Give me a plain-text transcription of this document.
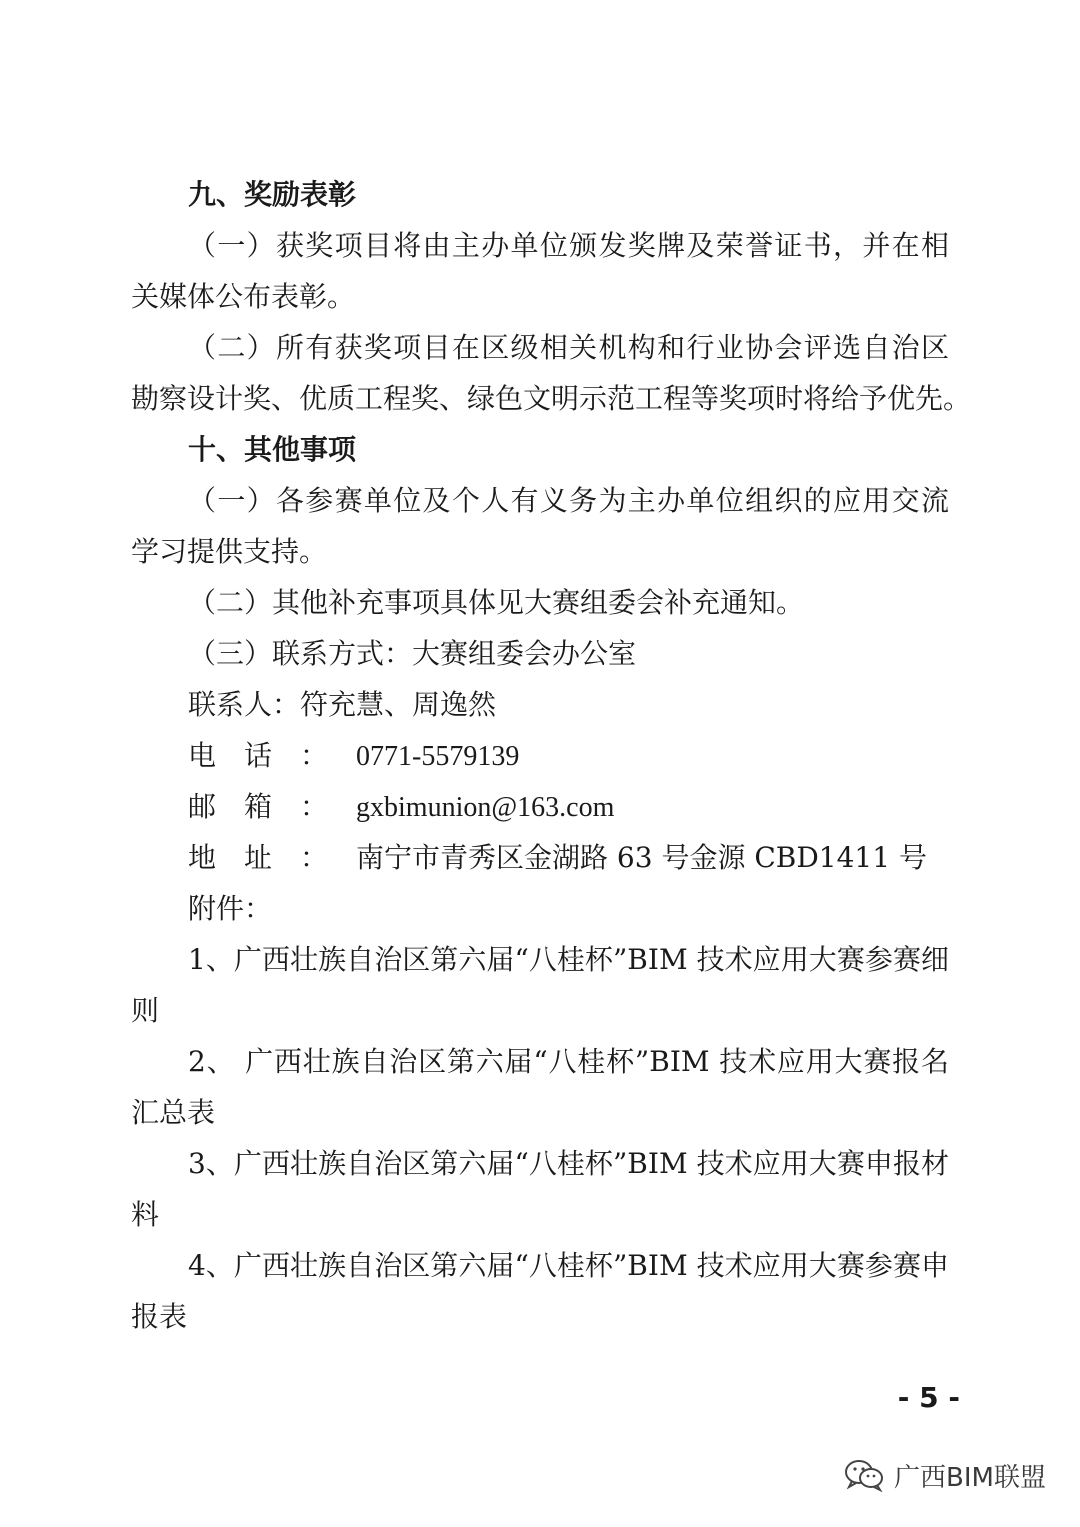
九、奖励表彰
（一）获奖项目将由主办单位颁发奖牌及荣誉证书，并在相
关媒体公布表彰。
（二）所有获奖项目在区级相关机构和行业协会评选自治区
勘察设计奖、优质工程奖、绿色文明示范工程等奖项时将给予优先。
十、其他事项
（一）各参赛单位及个人有义务为主办单位组织的应用交流
学习提供支持。
（二）其他补充事项具体见大赛组委会补充通知。
（三）联系方式：大赛组委会办公室
联系人：符充慧、周逸然
电话：0771-5579139
邮箱：gxbimunion@163.com
地址：南宁市青秀区金湖路 63 号金源 CBD1411 号
附件：
1、广西壮族自治区第六届“八桂杯”BIM 技术应用大赛参赛细
则
2、 广西壮族自治区第六届“八桂杯”BIM 技术应用大赛报名
汇总表
3、广西壮族自治区第六届“八桂杯”BIM 技术应用大赛申报材
料
4、广西壮族自治区第六届“八桂杯”BIM 技术应用大赛参赛申
报表
- 5 -
广西BIM联盟
